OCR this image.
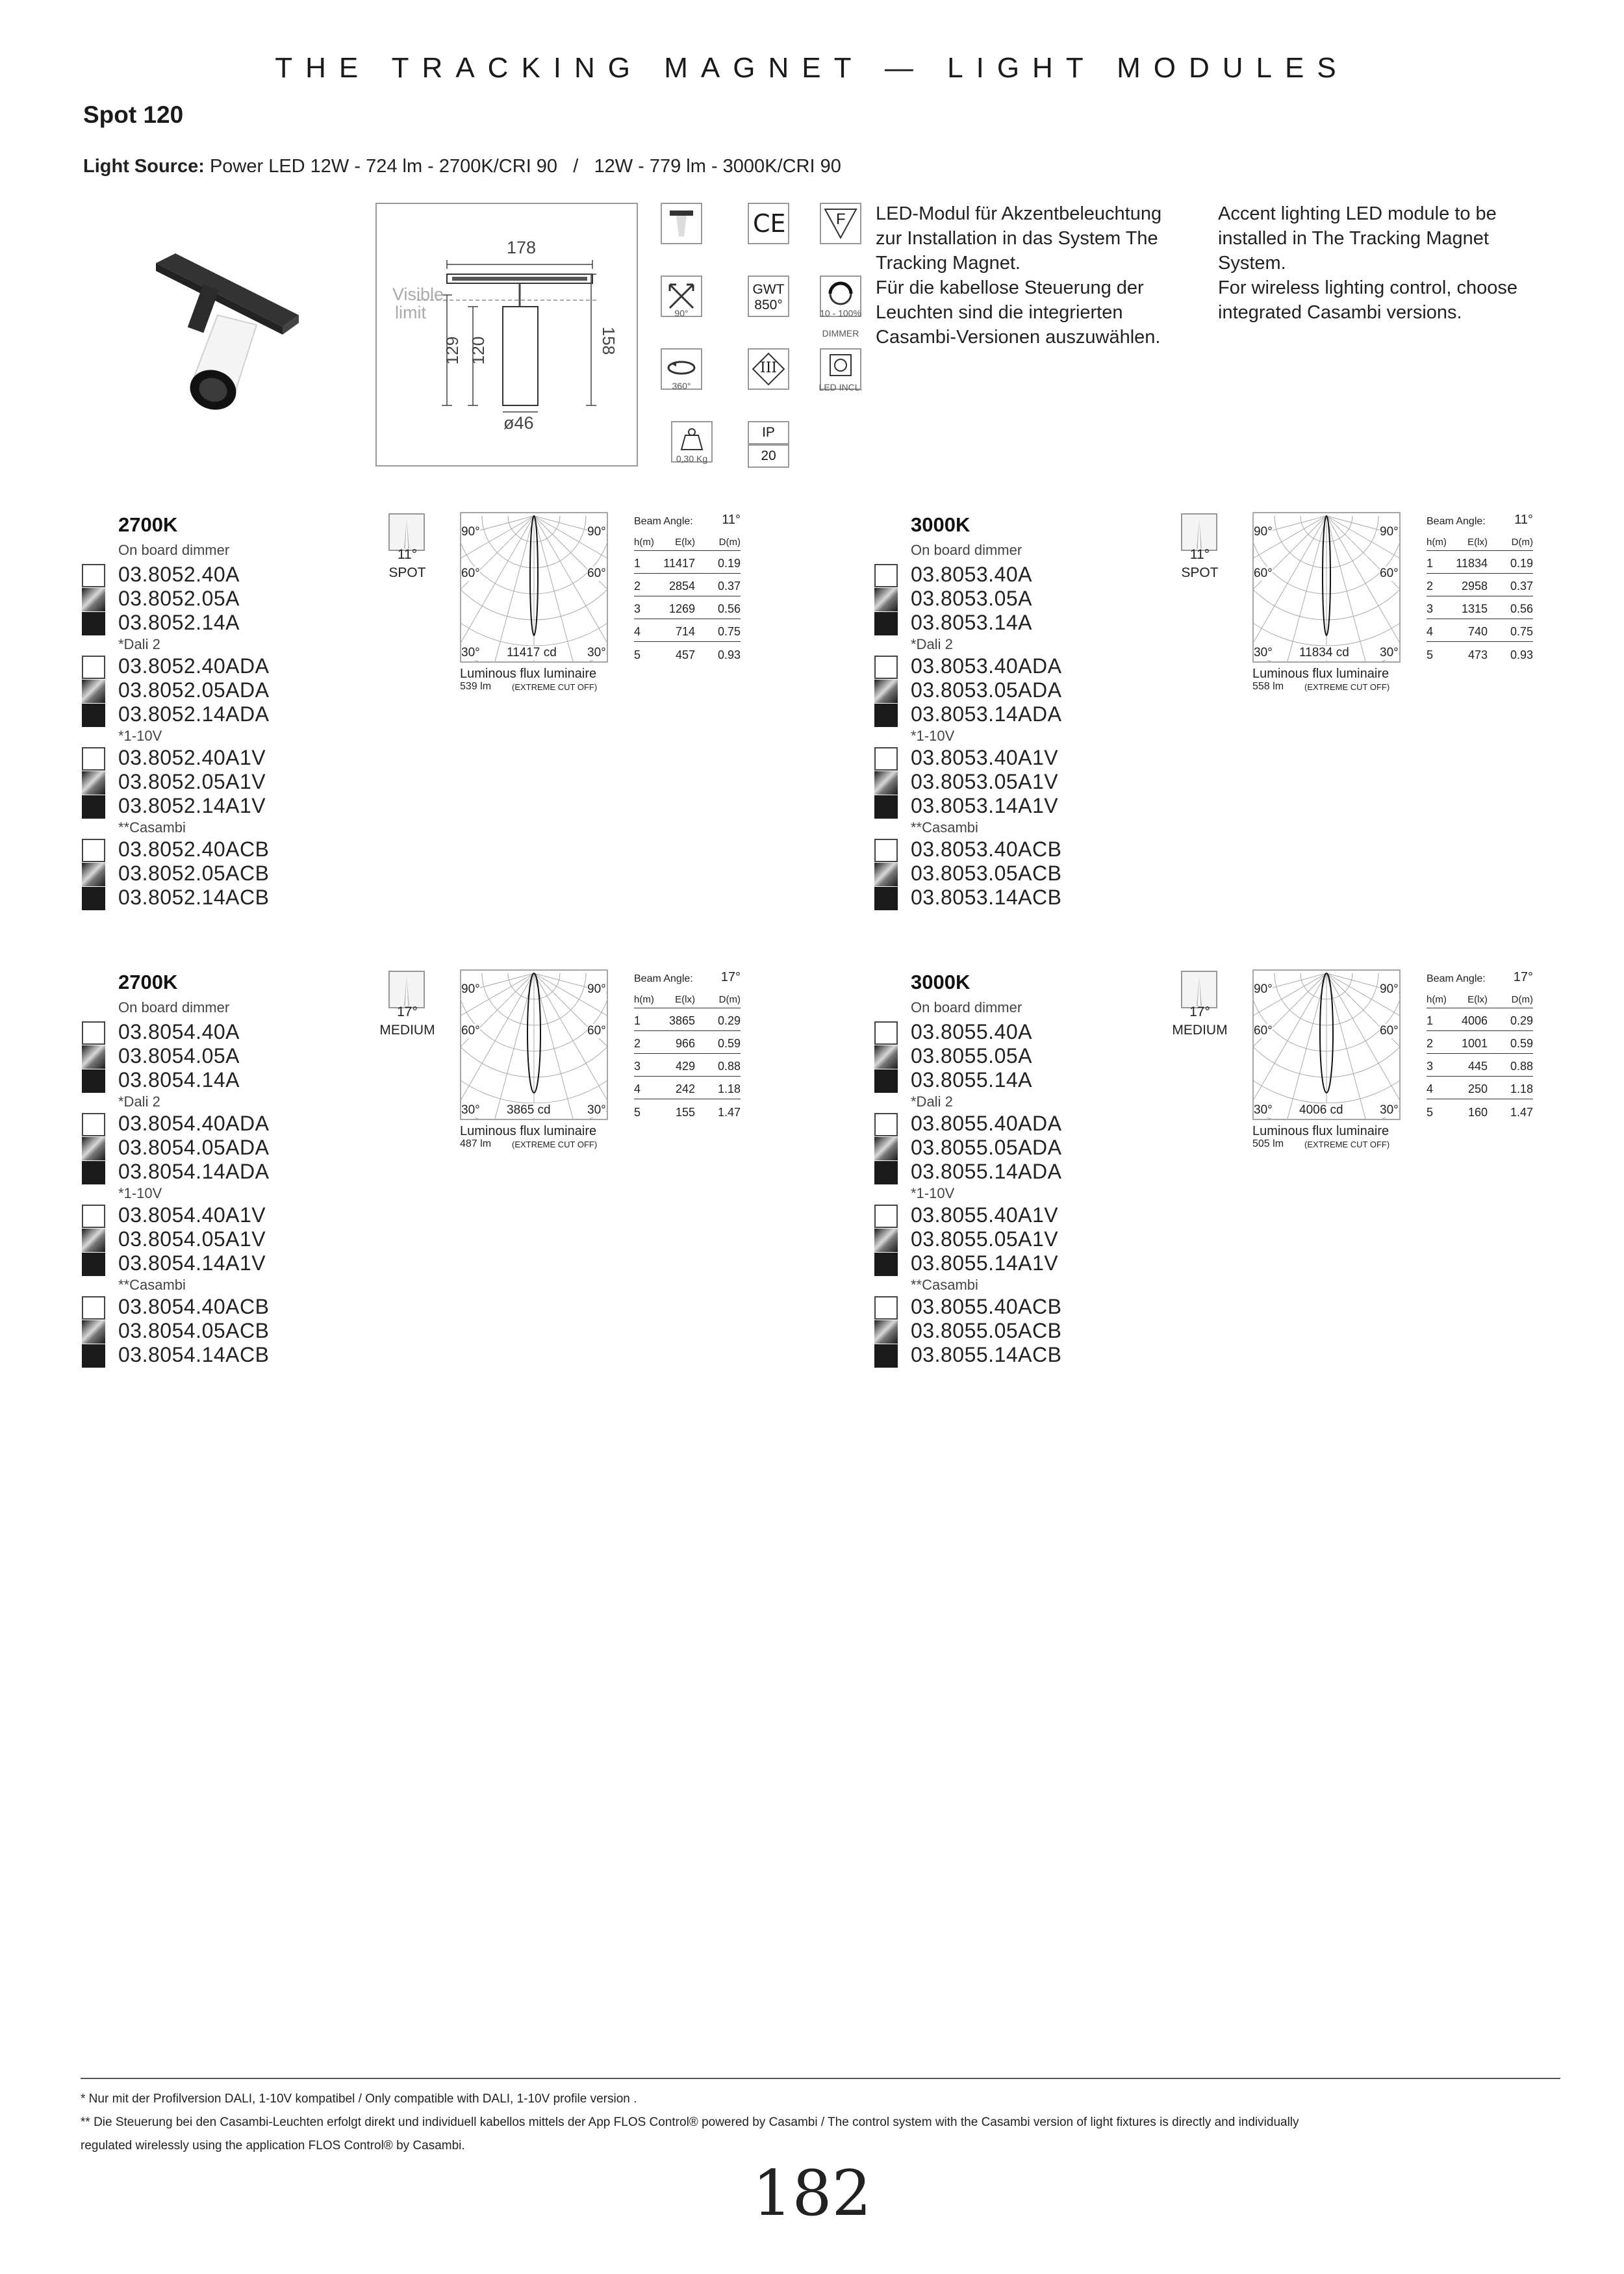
THE TRACKING MAGNET — LIGHT MODULES
Spot 120
Light Source: Power LED 12W - 724 lm - 2700K/CRI 90   /   12W - 779 lm - 3000K/CRI 90
178
Visible
limit
129 120	158
ø46
CE	F
90°
GWT
850°
10 - 100%
DIMMER
360°
III
LED INCL.
0,30 Kg
IP
20
LED-Modul für Akzentbeleuchtung
zur Installation in das System The
Tracking Magnet.
Für die kabellose Steuerung der
Leuchten sind die integrierten
Casambi-Versionen auszuwählen.
Accent lighting LED module to be
installed in The Tracking Magnet
System.
For wireless lighting control, choose
integrated Casambi versions.
2700K
On board dimmer
03.8052.40A
03.8052.05A
03.8052.14A
*Dali 2
03.8052.40ADA
03.8052.05ADA
03.8052.14ADA
*1-10V
03.8052.40A1V
03.8052.05A1V
03.8052.14A1V
**Casambi
03.8052.40ACB
03.8052.05ACB
03.8052.14ACB
11°
SPOT
90°	90°
60°	60°
30°	30°
11417 cd
Luminous flux luminaire
539 lm (EXTREME CUT OFF)
Beam Angle:	11°
h(m)	E(lx)	D(m)
1	11417	0.19
2	2854	0.37
3	1269	0.56
4	714	0.75
5	457	0.93
3000K
On board dimmer
03.8053.40A
03.8053.05A
03.8053.14A
*Dali 2
03.8053.40ADA
03.8053.05ADA
03.8053.14ADA
*1-10V
03.8053.40A1V
03.8053.05A1V
03.8053.14A1V
**Casambi
03.8053.40ACB
03.8053.05ACB
03.8053.14ACB
11°
SPOT
90°	90°
60°	60°
30°	30°
11834 cd
Luminous flux luminaire
558 lm (EXTREME CUT OFF)
Beam Angle:	11°
h(m)	E(lx)	D(m)
1	11834	0.19
2	2958	0.37
3	1315	0.56
4	740	0.75
5	473	0.93
2700K
On board dimmer
03.8054.40A
03.8054.05A
03.8054.14A
*Dali 2
03.8054.40ADA
03.8054.05ADA
03.8054.14ADA
*1-10V
03.8054.40A1V
03.8054.05A1V
03.8054.14A1V
**Casambi
03.8054.40ACB
03.8054.05ACB
03.8054.14ACB
17°
MEDIUM
90°	90°
60°	60°
30°	30°
3865 cd
Luminous flux luminaire
487 lm (EXTREME CUT OFF)
Beam Angle:	17°
h(m)	E(lx)	D(m)
1	3865	0.29
2	966	0.59
3	429	0.88
4	242	1.18
5	155	1.47
3000K
On board dimmer
03.8055.40A
03.8055.05A
03.8055.14A
*Dali 2
03.8055.40ADA
03.8055.05ADA
03.8055.14ADA
*1-10V
03.8055.40A1V
03.8055.05A1V
03.8055.14A1V
**Casambi
03.8055.40ACB
03.8055.05ACB
03.8055.14ACB
17°
MEDIUM
90°	90°
60°	60°
30°	30°
4006 cd
Luminous flux luminaire
505 lm (EXTREME CUT OFF)
Beam Angle:	17°
h(m)	E(lx)	D(m)
1	4006	0.29
2	1001	0.59
3	445	0.88
4	250	1.18
5	160	1.47
* Nur mit der Profilversion DALI, 1-10V kompatibel / Only compatible with DALI, 1-10V profile version .
** Die Steuerung bei den Casambi-Leuchten erfolgt direkt und individuell kabellos mittels der App FLOS Control® powered by Casambi / The control system with the Casambi version of light fixtures is directly and individually
regulated wirelessly using the application FLOS Control® by Casambi.
182
